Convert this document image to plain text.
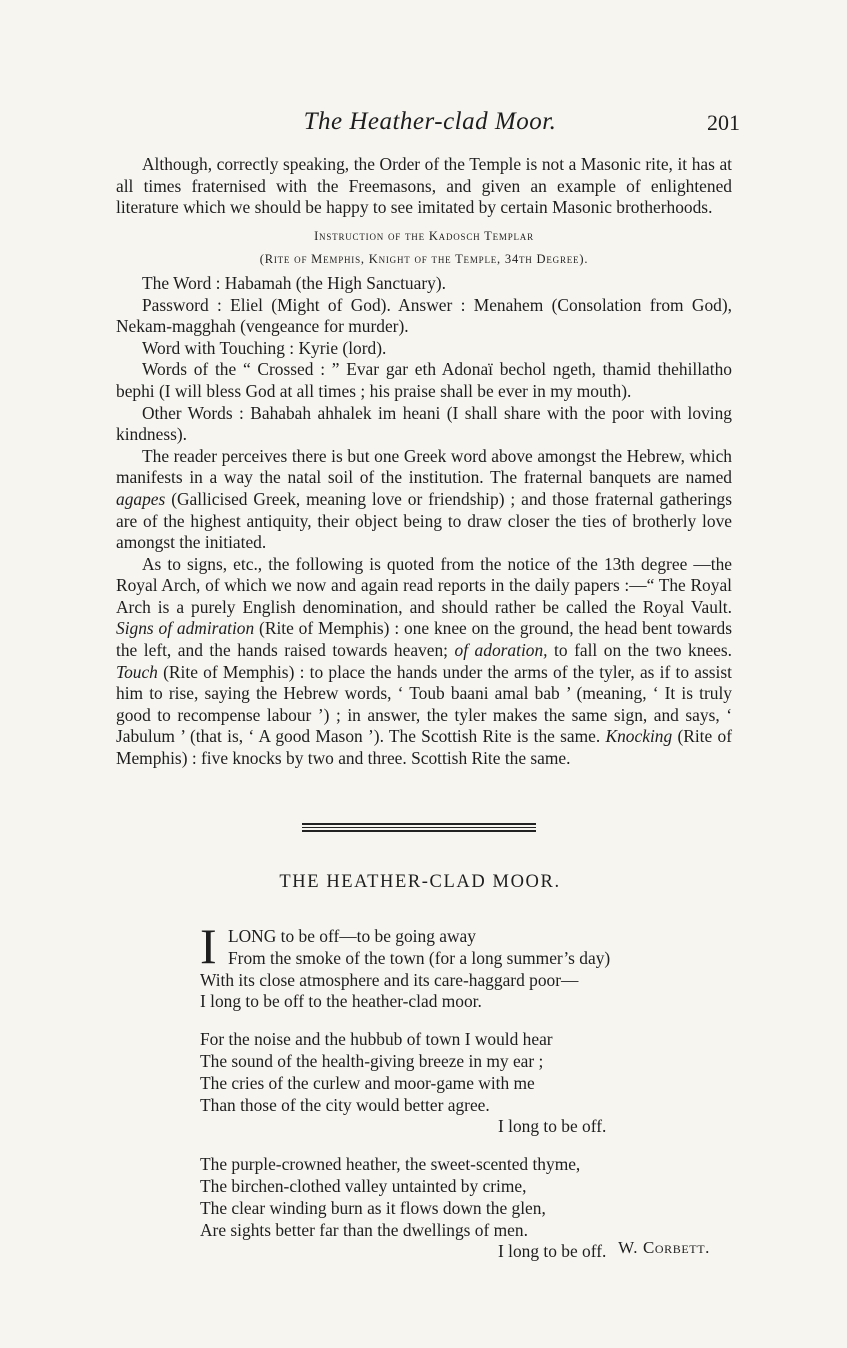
The Heather-clad Moor.	201

Although, correctly speaking, the Order of the Temple is not a Masonic rite, it has at all times fraternised with the Freemasons, and given an example of enlightened literature which we should be happy to see imitated by certain Masonic brotherhoods.

Instruction of the Kadosch Templar
(Rite of Memphis, Knight of the Temple, 34th Degree).

The Word : Habamah (the High Sanctuary).

Password : Eliel (Might of God). Answer : Menahem (Consolation from God), Nekam-magghah (vengeance for murder).

Word with Touching : Kyrie (lord).

Words of the “ Crossed : ” Evar gar eth Adonaï bechol ngeth, thamid thehillatho bephi (I will bless God at all times ; his praise shall be ever in my mouth).

Other Words : Bahabah ahhalek im heani (I shall share with the poor with loving kindness).

The reader perceives there is but one Greek word above amongst the Hebrew, which manifests in a way the natal soil of the institution. The fraternal banquets are named agapes (Gallicised Greek, meaning love or friendship) ; and those fraternal gatherings are of the highest antiquity, their object being to draw closer the ties of brotherly love amongst the initiated.

As to signs, etc., the following is quoted from the notice of the 13th degree —the Royal Arch, of which we now and again read reports in the daily papers :—“ The Royal Arch is a purely English denomination, and should rather be called the Royal Vault. Signs of admiration (Rite of Memphis) : one knee on the ground, the head bent towards the left, and the hands raised towards heaven; of adoration, to fall on the two knees. Touch (Rite of Memphis) : to place the hands under the arms of the tyler, as if to assist him to rise, saying the Hebrew words, ‘ Toub baani amal bab ’ (meaning, ‘ It is truly good to recompense labour ’) ; in answer, the tyler makes the same sign, and says, ‘ Jabulum ’ (that is, ‘ A good Mason ’). The Scottish Rite is the same. Knocking (Rite of Memphis) : five knocks by two and three. Scottish Rite the same.

THE HEATHER-CLAD MOOR.
I LONG to be off—to be going away
From the smoke of the town (for a long summer’s day)
With its close atmosphere and its care-haggard poor—
I long to be off to the heather-clad moor.
For the noise and the hubbub of town I would hear
The sound of the health-giving breeze in my ear ;
The cries of the curlew and moor-game with me
Than those of the city would better agree.
I long to be off.
The purple-crowned heather, the sweet-scented thyme,
The birchen-clothed valley untainted by crime,
The clear winding burn as it flows down the glen,
Are sights better far than the dwellings of men.
I long to be off. W. Corbett.
